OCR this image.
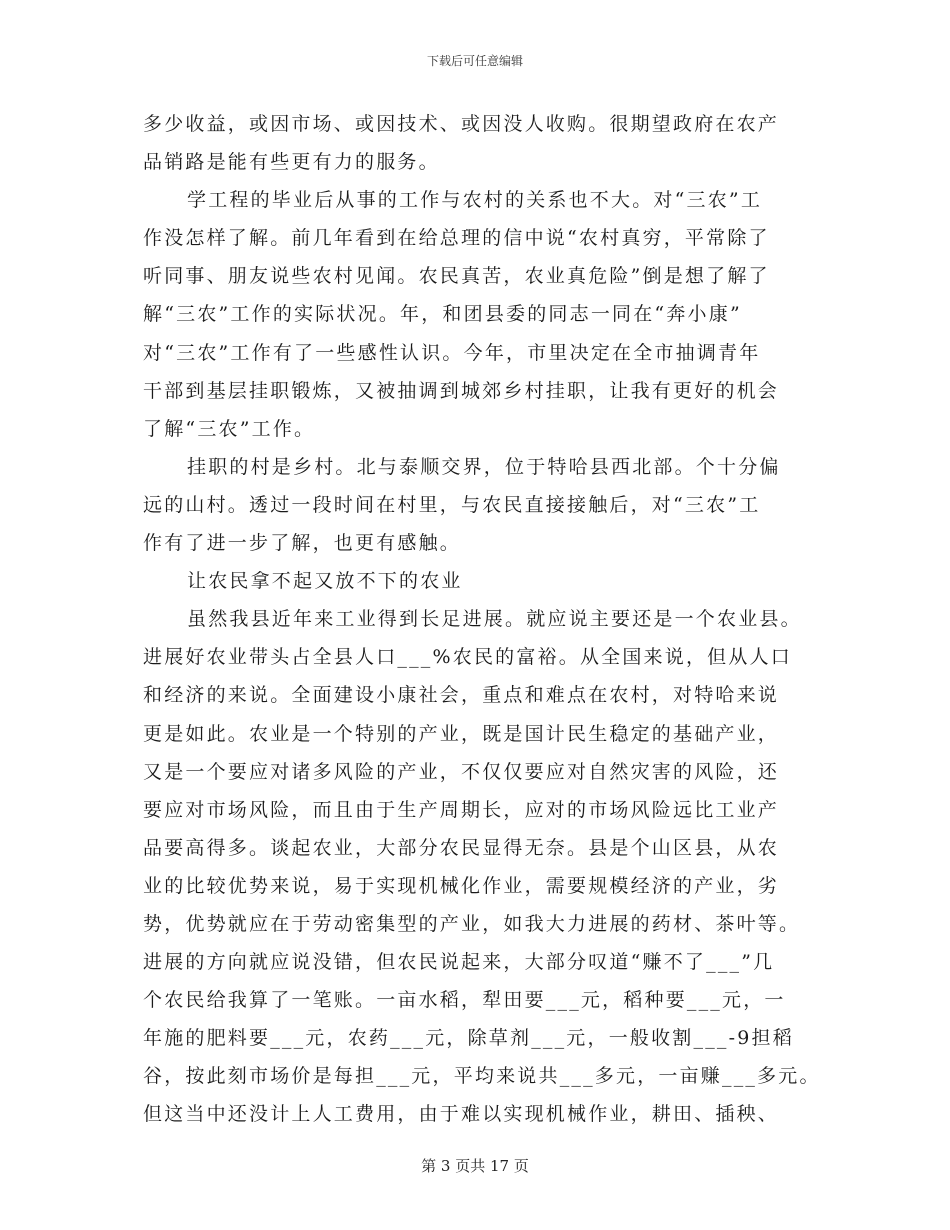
下载后可任意编辑
多少收益，或因市场、或因技术、或因没人收购。很期望政府在农产
品销路是能有些更有力的服务。
学工程的毕业后从事的工作与农村的关系也不大。对“三农”工
作没怎样了解。前几年看到在给总理的信中说“农村真穷，平常除了
听同事、朋友说些农村见闻。农民真苦，农业真危险”倒是想了解了
解“三农”工作的实际状况。年，和团县委的同志一同在“奔小康”
对“三农”工作有了一些感性认识。今年，市里决定在全市抽调青年
干部到基层挂职锻炼，又被抽调到城郊乡村挂职，让我有更好的机会
了解“三农”工作。
挂职的村是乡村。北与泰顺交界，位于特哈县西北部。个十分偏
远的山村。透过一段时间在村里，与农民直接接触后，对“三农”工
作有了进一步了解，也更有感触。
让农民拿不起又放不下的农业
虽然我县近年来工业得到长足进展。就应说主要还是一个农业县。
进展好农业带头占全县人口___%农民的富裕。从全国来说，但从人口
和经济的来说。全面建设小康社会，重点和难点在农村，对特哈来说
更是如此。农业是一个特别的产业，既是国计民生稳定的基础产业，
又是一个要应对诸多风险的产业，不仅仅要应对自然灾害的风险，还
要应对市场风险，而且由于生产周期长，应对的市场风险远比工业产
品要高得多。谈起农业，大部分农民显得无奈。县是个山区县，从农
业的比较优势来说，易于实现机械化作业，需要规模经济的产业，劣
势，优势就应在于劳动密集型的产业，如我大力进展的药材、茶叶等。
进展的方向就应说没错，但农民说起来，大部分叹道“赚不了___”几
个农民给我算了一笔账。一亩水稻，犁田要___元，稻种要___元，一
年施的肥料要___元，农药___元，除草剂___元，一般收割___-9担稻
谷，按此刻市场价是每担___元，平均来说共___多元，一亩赚___多元。
但这当中还没计上人工费用，由于难以实现机械作业，耕田、插秧、
第 3 页共 17 页
